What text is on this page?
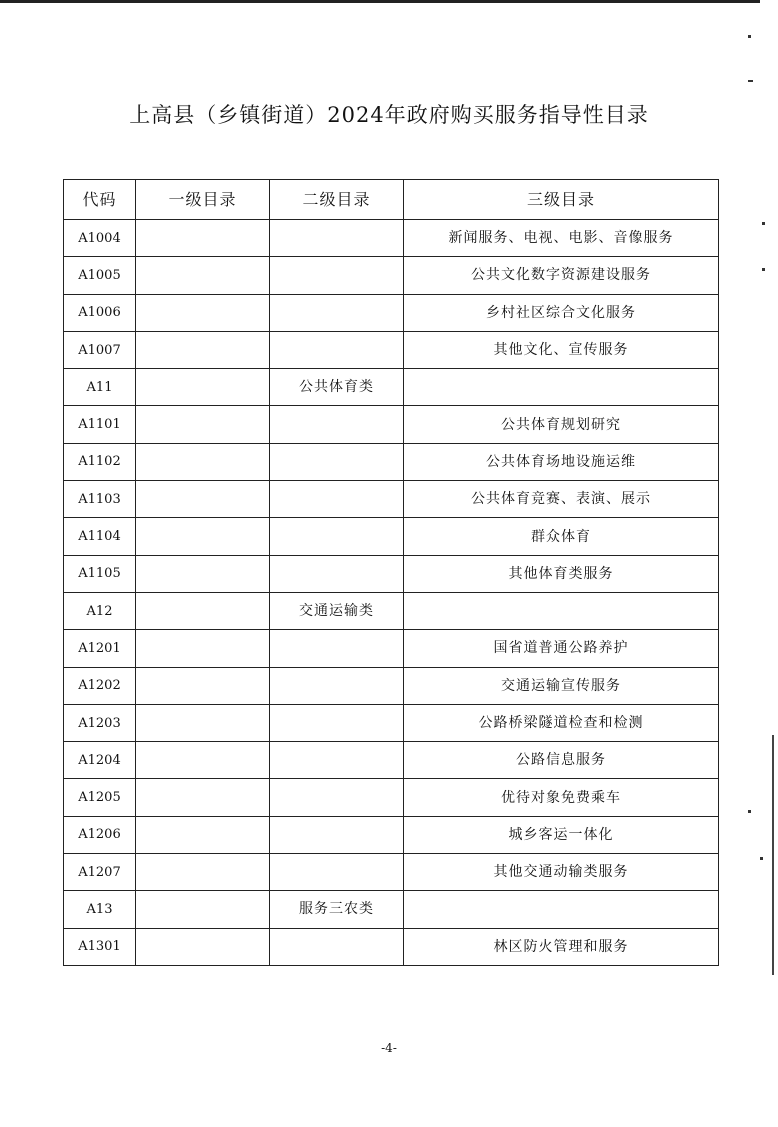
上高县（乡镇街道）2024年政府购买服务指导性目录
代码	一级目录	二级目录	三级目录
A1004			新闻服务、电视、电影、音像服务
A1005			公共文化数字资源建设服务
A1006			乡村社区综合文化服务
A1007			其他文化、宣传服务
A11		公共体育类	
A1101			公共体育规划研究
A1102			公共体育场地设施运维
A1103			公共体育竞赛、表演、展示
A1104			群众体育
A1105			其他体育类服务
A12		交通运输类	
A1201			国省道普通公路养护
A1202			交通运输宣传服务
A1203			公路桥梁隧道检查和检测
A1204			公路信息服务
A1205			优待对象免费乘车
A1206			城乡客运一体化
A1207			其他交通动输类服务
A13		服务三农类	
A1301			林区防火管理和服务
-4-
